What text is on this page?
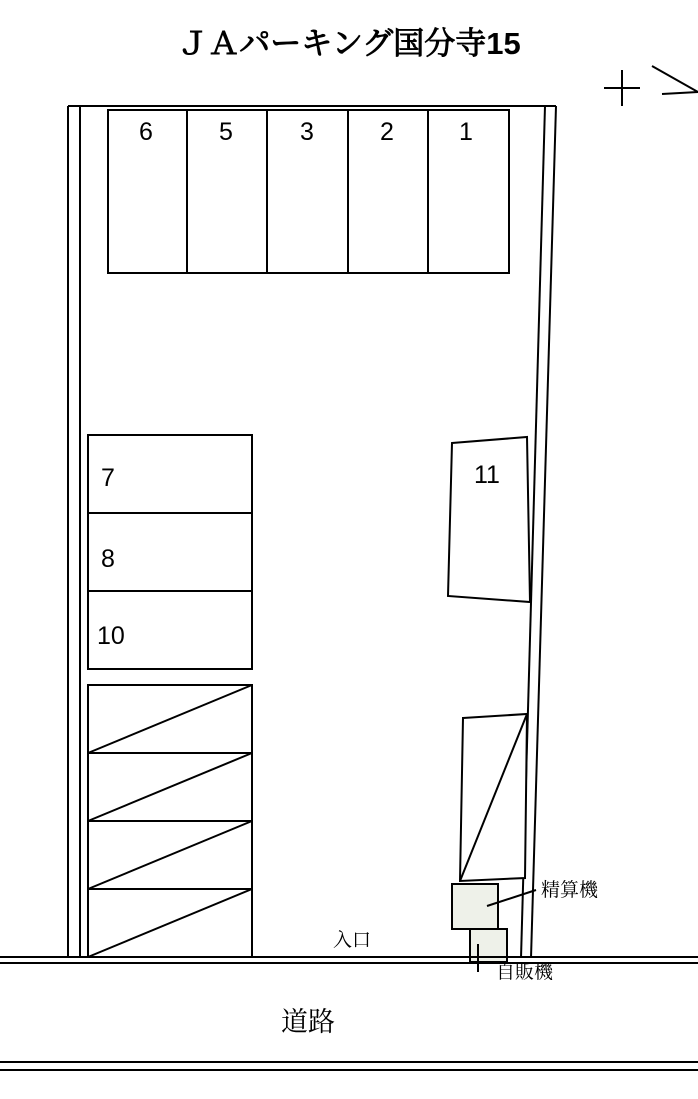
ＪＡパーキング国分寺15
6	5	3	2	1
7
8
10
11
精算機
自販機
入口
道路
